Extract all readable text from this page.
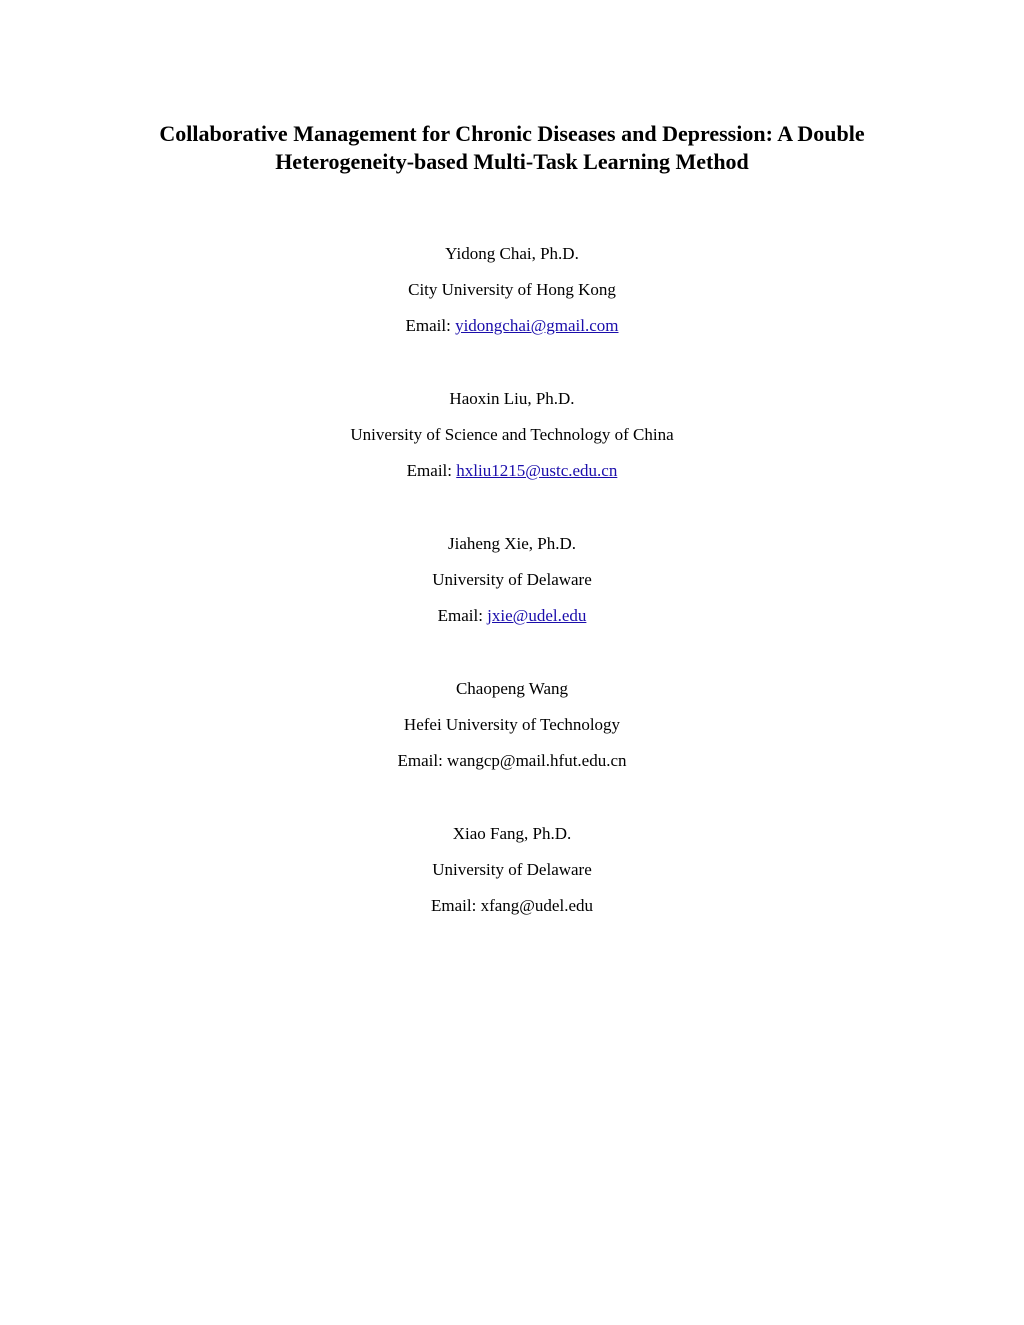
Collaborative Management for Chronic Diseases and Depression: A Double
Heterogeneity-based Multi-Task Learning Method
Yidong Chai, Ph.D.
City University of Hong Kong
Email: yidongchai@gmail.com
Haoxin Liu, Ph.D.
University of Science and Technology of China
Email: hxliu1215@ustc.edu.cn
Jiaheng Xie, Ph.D.
University of Delaware
Email: jxie@udel.edu
Chaopeng Wang
Hefei University of Technology
Email: wangcp@mail.hfut.edu.cn
Xiao Fang, Ph.D.
University of Delaware
Email: xfang@udel.edu
